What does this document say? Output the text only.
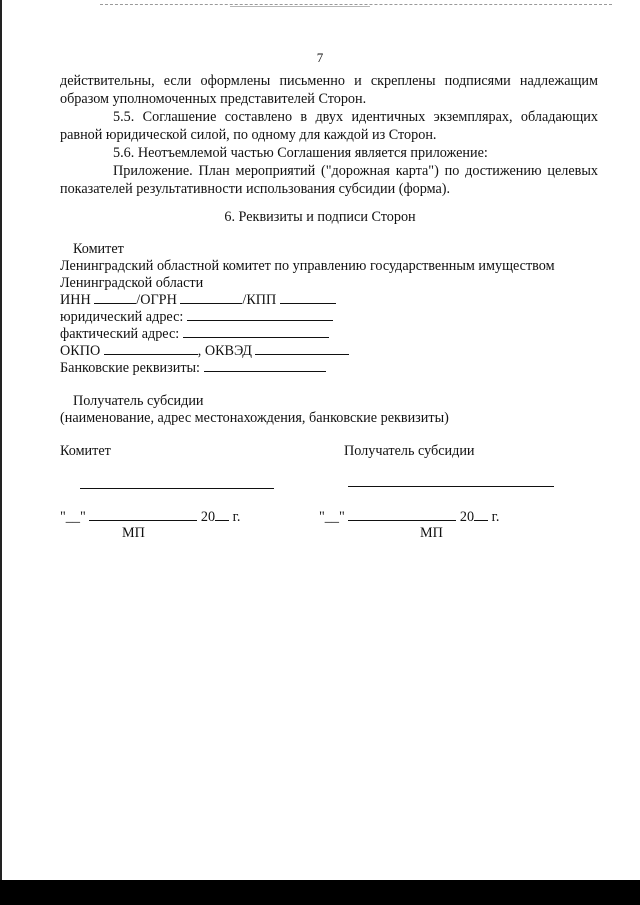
7

действительны, если оформлены письменно и скреплены подписями надлежащим образом уполномоченных представителей Сторон.

5.5. Соглашение составлено в двух идентичных экземплярах, обладающих равной юридической силой, по одному для каждой из Сторон.

5.6. Неотъемлемой частью Соглашения является приложение:

Приложение. План мероприятий ("дорожная карта") по достижению целевых показателей результативности использования субсидии (форма).

6. Реквизиты и подписи Сторон
Комитет
Ленинградский областной комитет по управлению государственным имуществом
Ленинградской области
ИНН	/ОГРН	/КПП
юридический адрес:
фактический адрес:
ОКПО	, ОКВЭД
Банковские реквизиты:
Получатель субсидии
(наименование, адрес местонахождения, банковские реквизиты)
Комитет	Получатель субсидии
"__"	20 г.	"__"	20 г.
МП	МП
